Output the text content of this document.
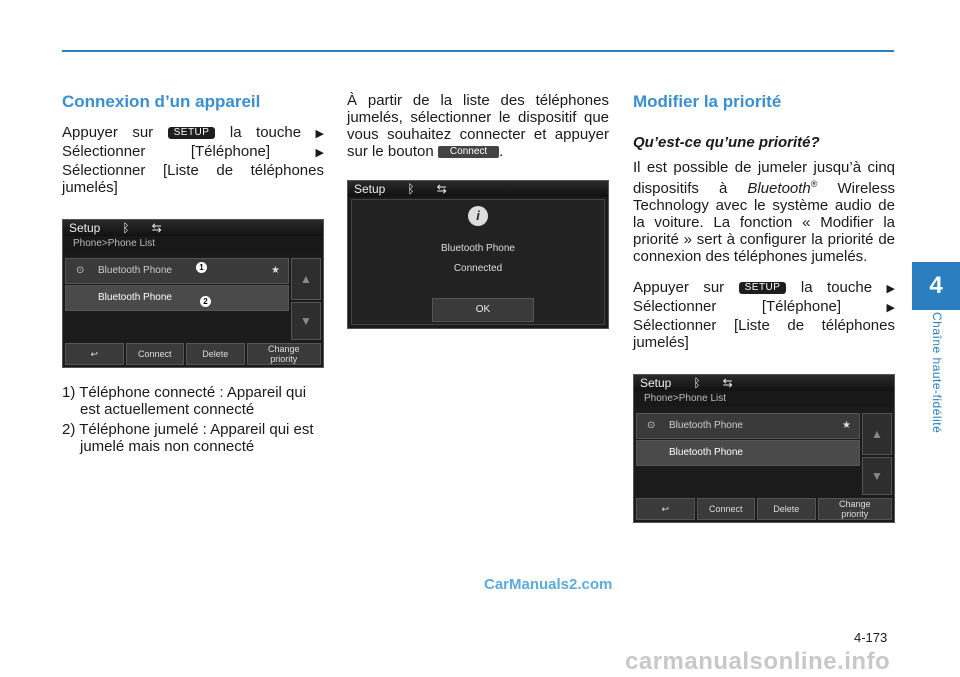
Connexion d’un appareil

Appuyer sur SETUP la touche ▶ Sélectionner [Téléphone]	▶ Sélectionner [Liste de téléphones jumelés]

Setup ᛒ ⇆
Phone>Phone List
⊙ Bluetooth Phone	★
Bluetooth Phone
1
2
▲
▼
↩	Connect	Delete	Change priority
1) Téléphone connecté : Appareil qui est actuellement connecté
2) Téléphone jumelé : Appareil qui est jumelé mais non connecté

À partir de la liste des téléphones jumelés, sélectionner le dispositif que vous souhaitez connecter et appuyer sur le bouton Connect .

Setup ᛒ ⇆
i
Bluetooth Phone
Connected
OK
Modifier la priorité
Qu’est-ce qu’une priorité?

Il est possible de jumeler jusqu’à cinq dispositifs à Bluetooth® Wireless Technology avec le système audio de la voiture. La fonction « Modifier la priorité » sert à configurer la priorité de connexion des téléphones jumelés.

Appuyer sur SETUP la touche ▶ Sélectionner [Téléphone]	▶ Sélectionner [Liste de téléphones jumelés]

Setup ᛒ ⇆
Phone>Phone List
⊙ Bluetooth Phone	★
Bluetooth Phone
▲
▼
↩	Connect	Delete	Change priority
4
Chaîne haute-fidélité
4-173
CarManuals2.com
carmanualsonline.info
